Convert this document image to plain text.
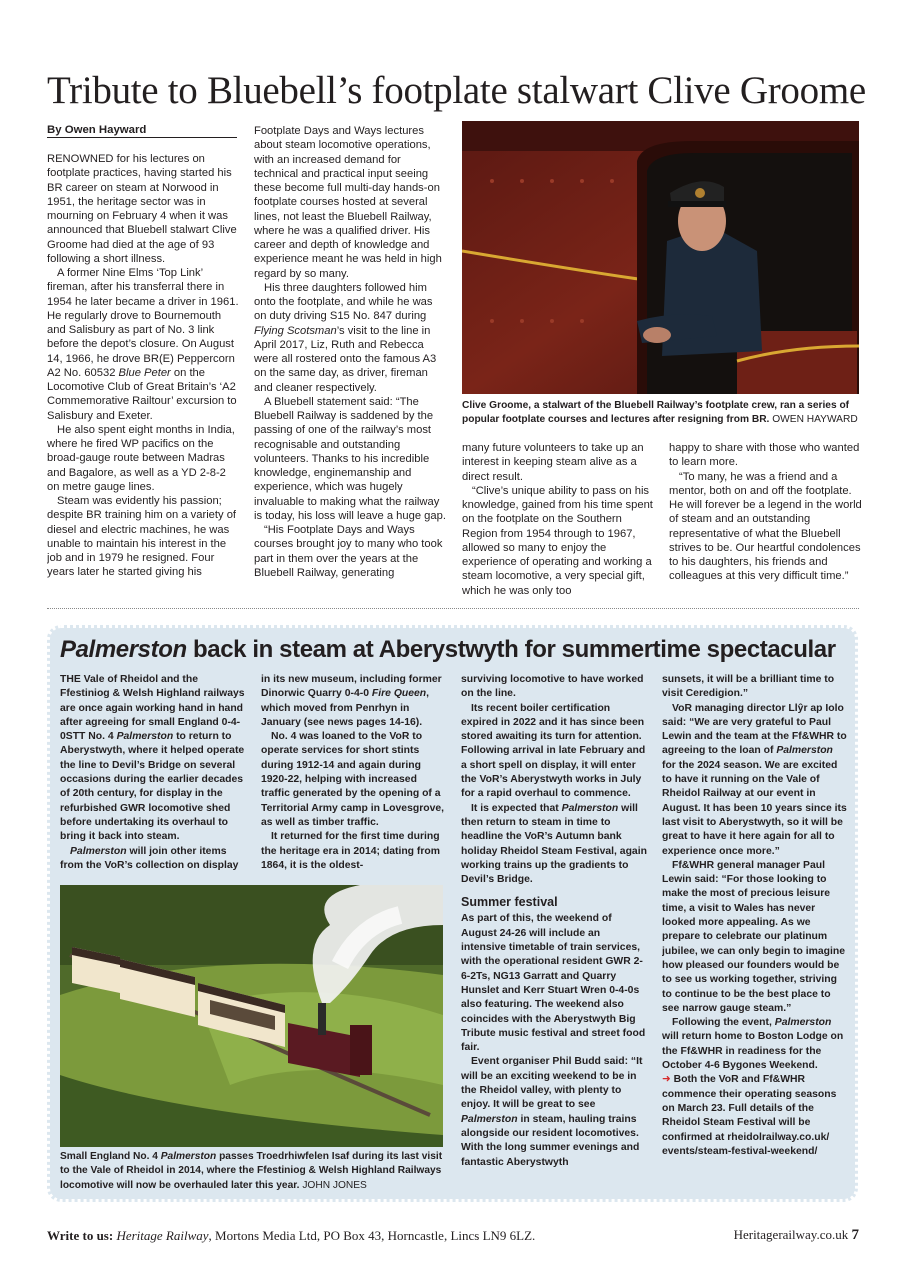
Tribute to Bluebell’s footplate stalwart Clive Groome
By Owen Hayward

RENOWNED for his lectures on footplate practices, having started his BR career on steam at Norwood in 1951, the heritage sector was in mourning on February 4 when it was announced that Bluebell stalwart Clive Groome had died at the age of 93 following a short illness.

A former Nine Elms ‘Top Link’ fireman, after his transferral there in 1954 he later became a driver in 1961. He regularly drove to Bournemouth and Salisbury as part of No. 3 link before the depot’s closure. On August 14, 1966, he drove BR(E) Peppercorn A2 No. 60532 Blue Peter on the Locomotive Club of Great Britain’s ‘A2 Commemorative Railtour’ excursion to Salisbury and Exeter.

He also spent eight months in India, where he fired WP pacifics on the broad-gauge route between Madras and Bagalore, as well as a YD 2-8-2 on metre gauge lines.

Steam was evidently his passion; despite BR training him on a variety of diesel and electric machines, he was unable to maintain his interest in the job and in 1979 he resigned. Four years later he started giving his

Footplate Days and Ways lectures about steam locomotive operations, with an increased demand for technical and practical input seeing these become full multi-day hands-on footplate courses hosted at several lines, not least the Bluebell Railway, where he was a qualified driver. His career and depth of knowledge and experience meant he was held in high regard by so many.

His three daughters followed him onto the footplate, and while he was on duty driving S15 No. 847 during Flying Scotsman’s visit to the line in April 2017, Liz, Ruth and Rebecca were all rostered onto the famous A3 on the same day, as driver, fireman and cleaner respectively.

A Bluebell statement said: “The Bluebell Railway is saddened by the passing of one of the railway’s most recognisable and outstanding volunteers. Thanks to his incredible knowledge, enginemanship and experience, which was hugely invaluable to making what the railway is today, his loss will leave a huge gap.

“His Footplate Days and Ways courses brought joy to many who took part in them over the years at the Bluebell Railway, generating

Clive Groome, a stalwart of the Bluebell Railway’s footplate crew, ran a series of popular footplate courses and lectures after resigning from BR. OWEN HAYWARD

many future volunteers to take up an interest in keeping steam alive as a direct result.

“Clive’s unique ability to pass on his knowledge, gained from his time spent on the footplate on the Southern Region from 1954 through to 1967, allowed so many to enjoy the experience of operating and working a steam locomotive, a very special gift, which he was only too

happy to share with those who wanted to learn more.

“To many, he was a friend and a mentor, both on and off the footplate. He will forever be a legend in the world of steam and an outstanding representative of what the Bluebell strives to be. Our heartful condolences to his daughters, his friends and colleagues at this very difficult time.”

Palmerston back in steam at Aberystwyth for summertime spectacular

THE Vale of Rheidol and the Ffestiniog & Welsh Highland railways are once again working hand in hand after agreeing for small England 0-4-0STT No. 4 Palmerston to return to Aberystwyth, where it helped operate the line to Devil’s Bridge on several occasions during the earlier decades of 20th century, for display in the refurbished GWR locomotive shed before undertaking its overhaul to bring it back into steam.

Palmerston will join other items from the VoR’s collection on display

in its new museum, including former Dinorwic Quarry 0-4-0 Fire Queen, which moved from Penrhyn in January (see news pages 14-16).

No. 4 was loaned to the VoR to operate services for short stints during 1912-14 and again during 1920-22, helping with increased traffic generated by the opening of a Territorial Army camp in Lovesgrove, as well as timber traffic.

It returned for the first time during the heritage era in 2014; dating from 1864, it is the oldest-

Small England No. 4 Palmerston passes Troedrhiwfelen Isaf during its last visit to the Vale of Rheidol in 2014, where the Ffestiniog & Welsh Highland Railways locomotive will now be overhauled later this year. JOHN JONES

surviving locomotive to have worked on the line.

Its recent boiler certification expired in 2022 and it has since been stored awaiting its turn for attention. Following arrival in late February and a short spell on display, it will enter the VoR’s Aberystwyth works in July for a rapid overhaul to commence.

It is expected that Palmerston will then return to steam in time to headline the VoR’s Autumn bank holiday Rheidol Steam Festival, again working trains up the gradients to Devil’s Bridge.

Summer festival

As part of this, the weekend of August 24-26 will include an intensive timetable of train services, with the operational resident GWR 2-6-2Ts, NG13 Garratt and Quarry Hunslet and Kerr Stuart Wren 0-4-0s also featuring. The weekend also coincides with the Aberystwyth Big Tribute music festival and street food fair.

Event organiser Phil Budd said: “It will be an exciting weekend to be in the Rheidol valley, with plenty to enjoy. It will be great to see Palmerston in steam, hauling trains alongside our resident locomotives. With the long summer evenings and fantastic Aberystwyth

sunsets, it will be a brilliant time to visit Ceredigion.”

VoR managing director Llŷr ap Iolo said: “We are very grateful to Paul Lewin and the team at the Ff&WHR to agreeing to the loan of Palmerston for the 2024 season. We are excited to have it running on the Vale of Rheidol Railway at our event in August. It has been 10 years since its last visit to Aberystwyth, so it will be great to have it here again for all to experience once more.”

Ff&WHR general manager Paul Lewin said: “For those looking to make the most of precious leisure time, a visit to Wales has never looked more appealing. As we prepare to celebrate our platinum jubilee, we can only begin to imagine how pleased our founders would be to see us working together, striving to continue to be the best place to see narrow gauge steam.”

Following the event, Palmerston will return home to Boston Lodge on the Ff&WHR in readiness for the October 4-6 Bygones Weekend.

➜ Both the VoR and Ff&WHR commence their operating seasons on March 23. Full details of the Rheidol Steam Festival will be confirmed at rheidolrailway.co.uk/ events/steam-festival-weekend/

Write to us: Heritage Railway, Mortons Media Ltd, PO Box 43, Horncastle, Lincs LN9 6LZ.	Heritagerailway.co.uk 7
